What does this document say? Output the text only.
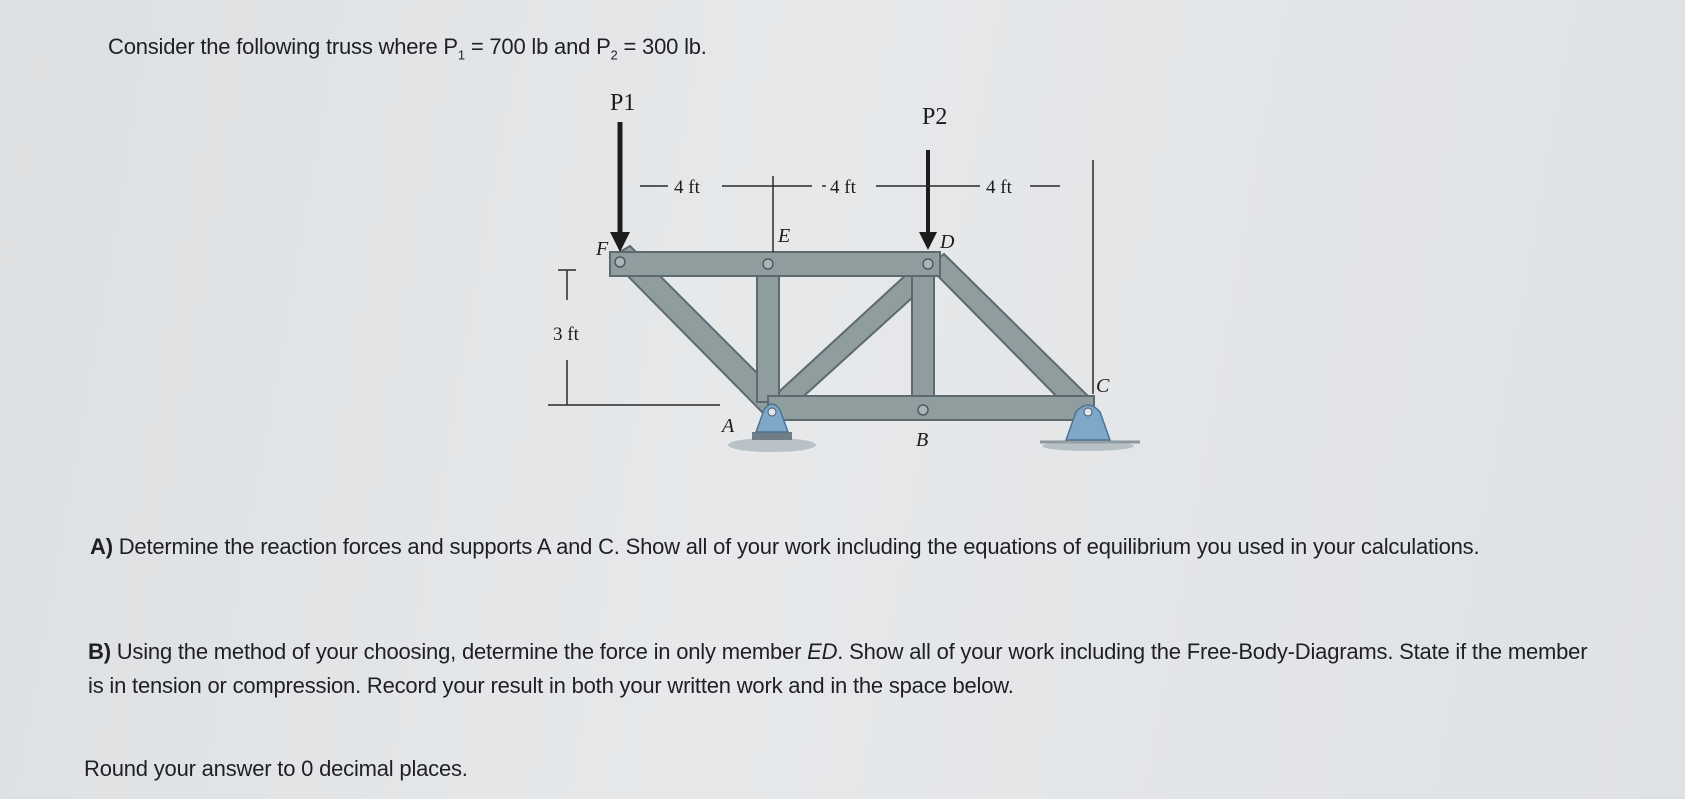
Consider the following truss where $P_1 = 700$ lb and $P_2 = 300$ lb.
P1
P2
4 ft	4 ft	4 ft
3 ft
F
E	D
C
B
A
A) Determine the reaction forces and supports A and C. Show all of your work including the equations of equilibrium you used in your calculations.
B) Using the method of your choosing, determine the force in only member ED. Show all of your work including the Free-Body-Diagrams. State if the member is in tension or compression. Record your result in both your written work and in the space below.
Round your answer to 0 decimal places.
